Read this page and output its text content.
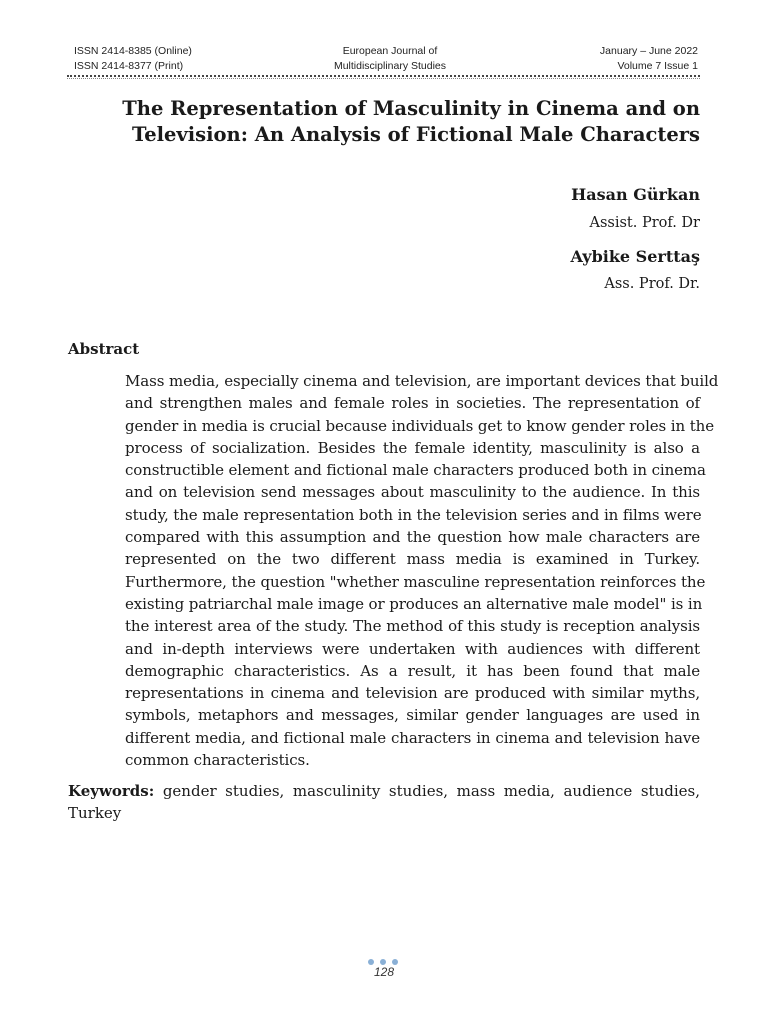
ISSN 2414-8385 (Online)
ISSN 2414-8377 (Print)
European Journal of
Multidisciplinary Studies
January – June 2022
Volume 7 Issue 1
The Representation of Masculinity in Cinema and on
Television: An Analysis of Fictional Male Characters
Hasan Gürkan
Assist. Prof. Dr
Aybike Serttaş
Ass. Prof. Dr.
Abstract
Mass media, especially cinema and television, are important devices that build
and strengthen males and female roles in societies. The representation of
gender in media is crucial because individuals get to know gender roles in the
process of socialization. Besides the female identity, masculinity is also a
constructible element and fictional male characters produced both in cinema
and on television send messages about masculinity to the audience. In this
study, the male representation both in the television series and in films were
compared with this assumption and the question how male characters are
represented on the two different mass media is examined in Turkey.
Furthermore, the question "whether masculine representation reinforces the
existing patriarchal male image or produces an alternative male model" is in
the interest area of the study. The method of this study is reception analysis
and in-depth interviews were undertaken with audiences with different
demographic characteristics. As a result, it has been found that male
representations in cinema and television are produced with similar myths,
symbols, metaphors and messages, similar gender languages are used in
different media, and fictional male characters in cinema and television have
common characteristics.
Keywords: gender studies, masculinity studies, mass media, audience studies,
Turkey
128
